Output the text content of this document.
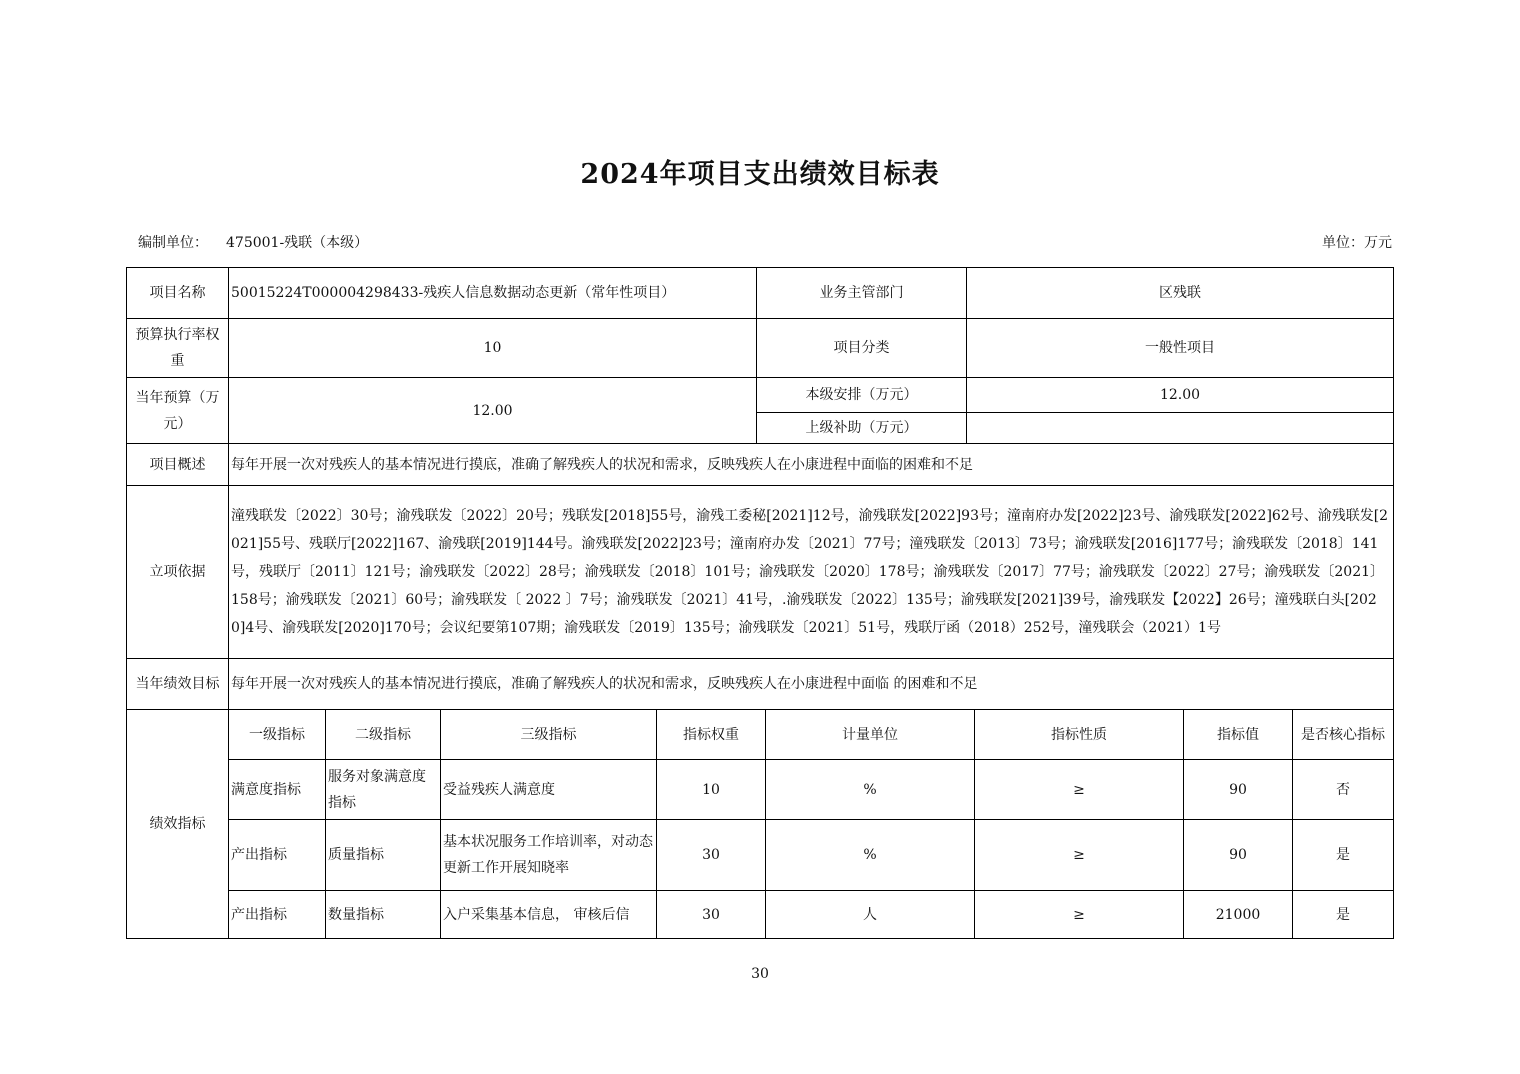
2024年项目支出绩效目标表
编制单位： 475001-残联（本级）	单位：万元
项目名称	50015224T000004298433-残疾人信息数据动态更新（常年性项目）	业务主管部门	区残联
预算执行率权重	10	项目分类	一般性项目
当年预算（万元）	12.00	本级安排（万元）	12.00
		上级补助（万元）	
项目概述	每年开展一次对残疾人的基本情况进行摸底，准确了解残疾人的状况和需求，反映残疾人在小康进程中面临的困难和不足		
立项依据	潼残联发〔2022〕30号；渝残联发〔2022〕20号；残联发[2018]55号，渝残工委秘[2021]12号，渝残联发[2022]93号；潼南府办发[2022]23号、渝残联发[2022]62号、渝残联发[2021]55号、残联厅[2022]167、渝残联[2019]144号。渝残联发[2022]23号；潼南府办发〔2021〕77号；潼残联发〔2013〕73号；渝残联发[2016]177号；渝残联发〔2018〕141号，残联厅〔2011〕121号；渝残联发〔2022〕28号；渝残联发〔2018〕101号；渝残联发〔2020〕178号；渝残联发〔2017〕77号；渝残联发〔2022〕27号；渝残联发〔2021〕158号；渝残联发〔2021〕60号；渝残联发〔 2022 〕7号；渝残联发〔2021〕41号，.渝残联发〔2022〕135号；渝残联发[2021]39号，渝残联发【2022】26号；潼残联白头[2020]4号、渝残联发[2020]170号；会议纪要第107期；渝残联发〔2019〕135号；渝残联发〔2021〕51号，残联厅函（2018）252号，潼残联会（2021）1号		
当年绩效目标	每年开展一次对残疾人的基本情况进行摸底，准确了解残疾人的状况和需求，反映残疾人在小康进程中面临 的困难和不足		
绩效指标	一级指标	二级指标	三级指标	指标权重	计量单位	指标性质	指标值	是否核心指标
	满意度指标	服务对象满意度指标	受益残疾人满意度	10	%	≥	90	否
	产出指标	质量指标	基本状况服务工作培训率，对动态更新工作开展知晓率	30	%	≥	90	是
	产出指标	数量指标	入户采集基本信息， 审核后信	30	人	≥	21000	是
30
